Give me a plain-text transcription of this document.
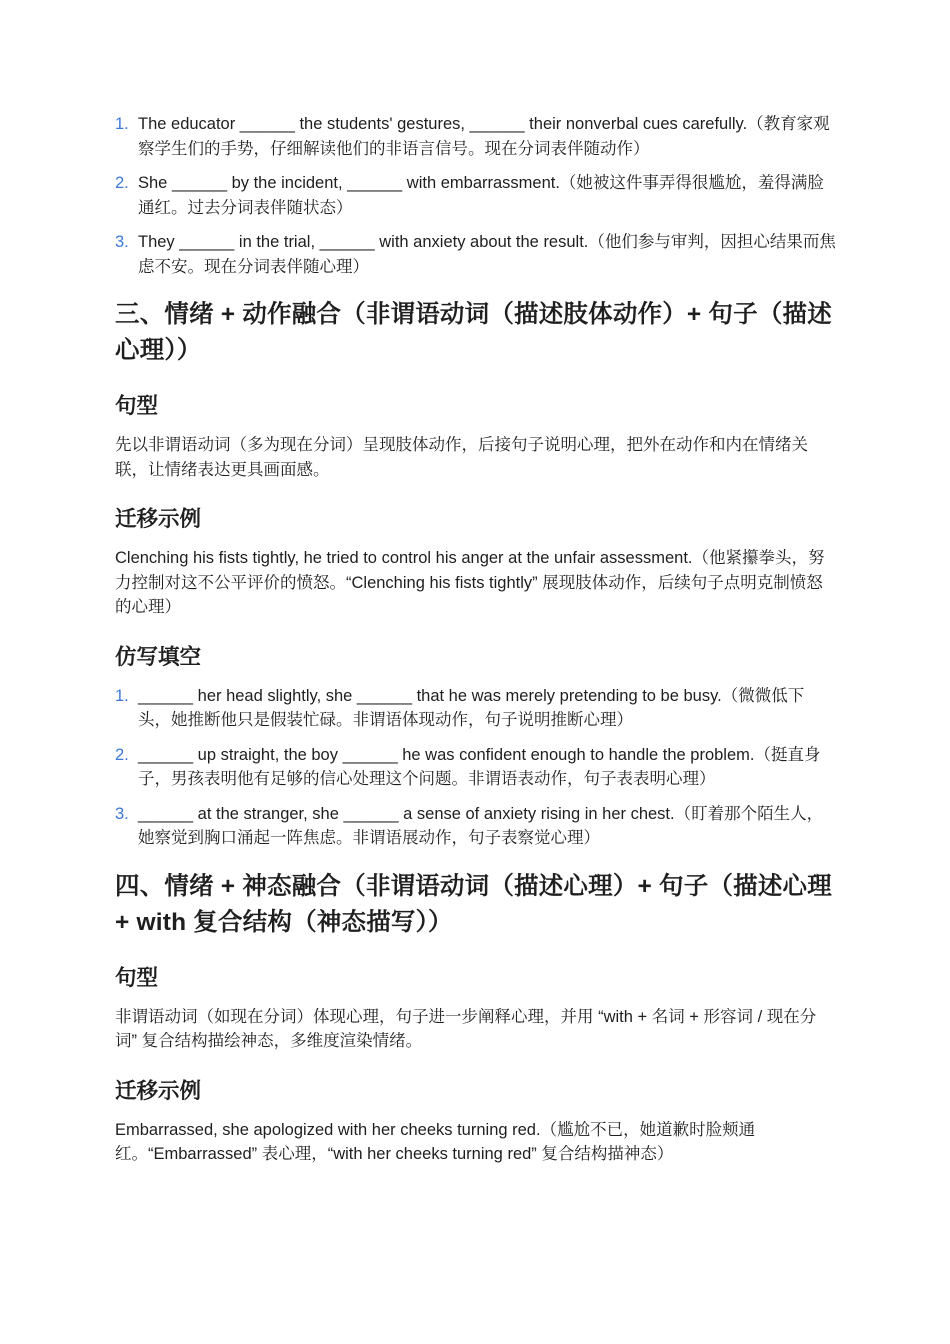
1. The educator ______ the students' gestures, ______ their nonverbal cues carefully.（教育家观察学生们的手势，仔细解读他们的非语言信号。现在分词表伴随动作）
2. She ______ by the incident, ______ with embarrassment.（她被这件事弄得很尴尬，羞得满脸通红。过去分词表伴随状态）
3. They ______ in the trial, ______ with anxiety about the result.（他们参与审判，因担心结果而焦虑不安。现在分词表伴随心理）
三、情绪 + 动作融合（非谓语动词（描述肢体动作）+ 句子（描述心理））
句型

先以非谓语动词（多为现在分词）呈现肢体动作，后接句子说明心理，把外在动作和内在情绪关联，让情绪表达更具画面感。

迁移示例

Clenching his fists tightly, he tried to control his anger at the unfair assessment.（他紧攥拳头，努力控制对这不公平评价的愤怒。“Clenching his fists tightly” 展现肢体动作，后续句子点明克制愤怒的心理）

仿写填空
1. ______ her head slightly, she ______ that he was merely pretending to be busy.（微微低下头，她推断他只是假装忙碌。非谓语体现动作，句子说明推断心理）
2. ______ up straight, the boy ______ he was confident enough to handle the problem.（挺直身子，男孩表明他有足够的信心处理这个问题。非谓语表动作，句子表表明心理）
3. ______ at the stranger, she ______ a sense of anxiety rising in her chest.（盯着那个陌生人，她察觉到胸口涌起一阵焦虑。非谓语展动作，句子表察觉心理）
四、情绪 + 神态融合（非谓语动词（描述心理）+ 句子（描述心理 + with 复合结构（神态描写））
句型

非谓语动词（如现在分词）体现心理，句子进一步阐释心理，并用 “with + 名词 + 形容词 / 现在分词” 复合结构描绘神态，多维度渲染情绪。

迁移示例

Embarrassed, she apologized with her cheeks turning red.（尴尬不已，她道歉时脸颊通红。“Embarrassed” 表心理，“with her cheeks turning red” 复合结构描神态）
